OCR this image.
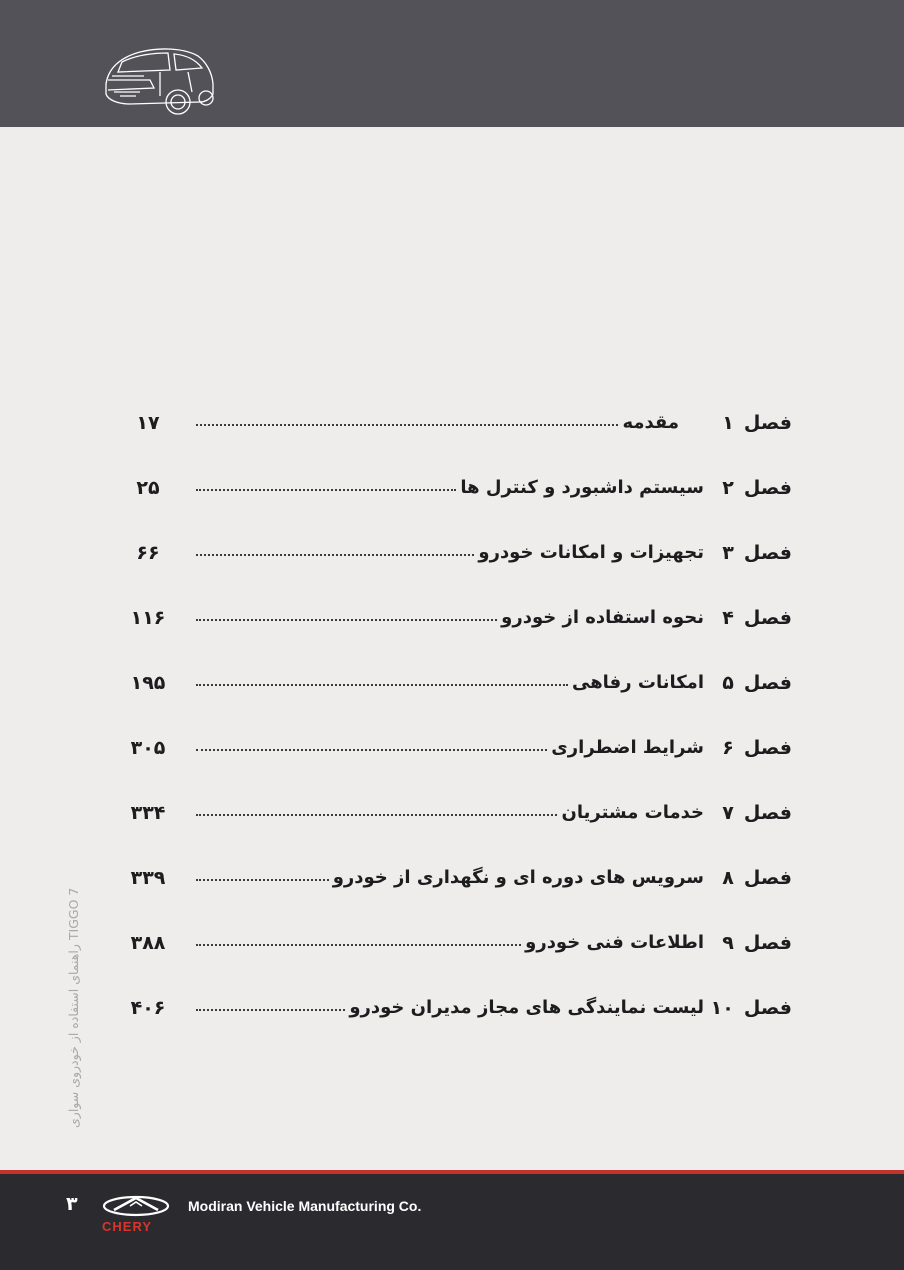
فصل۱
مقدمه
۱۷
فصل۲
سیستم داشبورد و کنترل ها
۲۵
فصل۳
تجهیزات و امکانات خودرو
۶۶
فصل۴
نحوه استفاده از خودرو
۱۱۶
فصل۵
امکانات رفاهی
۱۹۵
فصل۶
شرایط اضطراری
۳۰۵
فصل۷
خدمات مشتریان
۳۳۴
فصل۸
سرویس های دوره ای و نگهداری از خودرو
۳۳۹
فصل۹
اطلاعات فنی خودرو
۳۸۸
فصل۱۰
لیست نمایندگی های مجاز مدیران خودرو
۴۰۶
TIGGO 7 راهنمای استفاده از خودروی سواری
۳
CHERY
Modiran Vehicle Manufacturing Co.
